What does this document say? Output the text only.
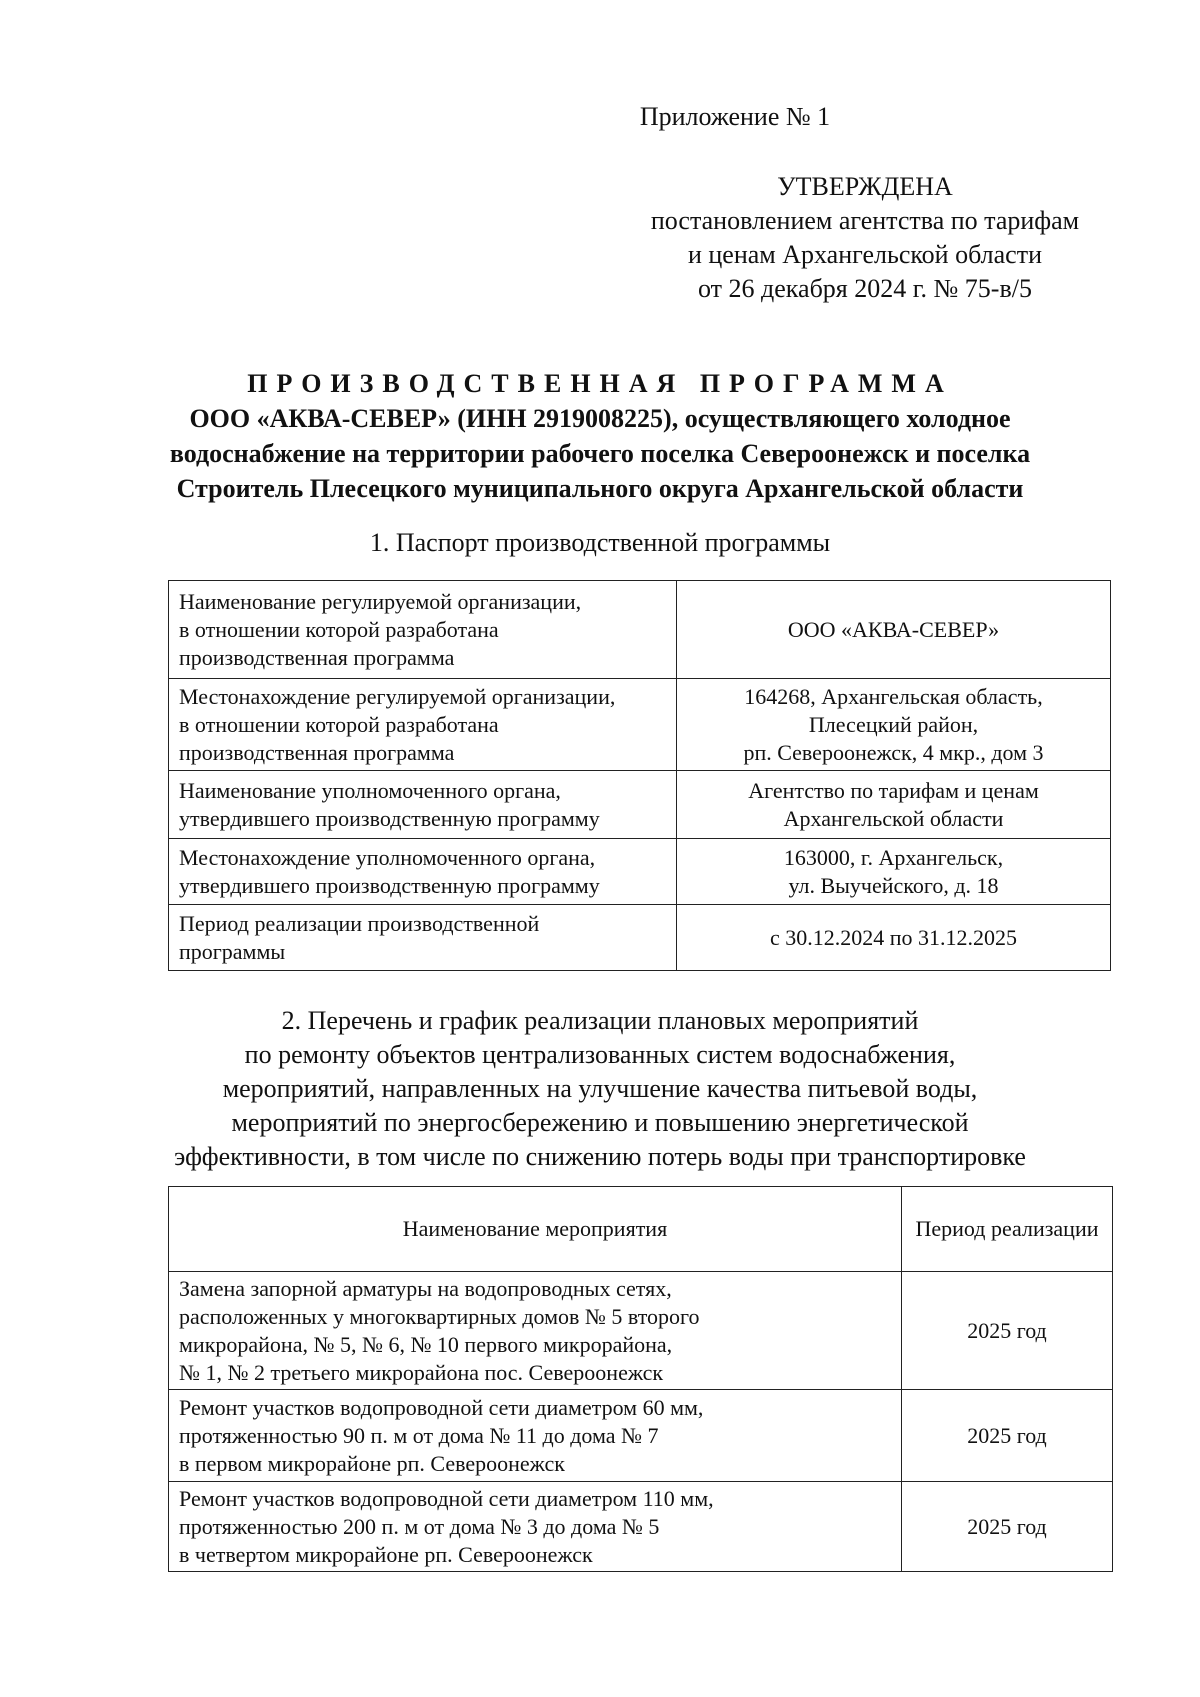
Приложение № 1
УТВЕРЖДЕНА
постановлением агентства по тарифам
и ценам Архангельской области
от 26 декабря 2024 г. № 75-в/5
ПРОИЗВОДСТВЕННАЯ ПРОГРАММА
ООО «АКВА-СЕВЕР» (ИНН 2919008225), осуществляющего холодное
водоснабжение на территории рабочего поселка Североонежск и поселка
Строитель Плесецкого муниципального округа Архангельской области
1. Паспорт производственной программы
Наименование регулируемой организации,
в отношении которой разработана
производственная программа	ООО «АКВА-СЕВЕР»

Местонахождение регулируемой организации,
в отношении которой разработана
производственная программа	164268, Архангельская область,
Плесецкий район,
рп. Североонежск, 4 мкр., дом 3

Наименование уполномоченного органа,
утвердившего производственную программу	Агентство по тарифам и ценам
Архангельской области

Местонахождение уполномоченного органа,
утвердившего производственную программу	163000, г. Архангельск,
ул. Выучейского, д. 18

Период реализации производственной
программы	с 30.12.2024 по 31.12.2025
2. Перечень и график реализации плановых мероприятий
по ремонту объектов централизованных систем водоснабжения,
мероприятий, направленных на улучшение качества питьевой воды,
мероприятий по энергосбережению и повышению энергетической
эффективности, в том числе по снижению потерь воды при транспортировке
Наименование мероприятия	Период реализации

Замена запорной арматуры на водопроводных сетях,
расположенных у многоквартирных домов № 5 второго
микрорайона, № 5, № 6, № 10 первого микрорайона,
№ 1, № 2 третьего микрорайона пос. Североонежск	2025 год

Ремонт участков водопроводной сети диаметром 60 мм,
протяженностью 90 п. м от дома № 11 до дома № 7
в первом микрорайоне рп. Североонежск	2025 год

Ремонт участков водопроводной сети диаметром 110 мм,
протяженностью 200 п. м от дома № 3 до дома № 5
в четвертом микрорайоне рп. Североонежск	2025 год
